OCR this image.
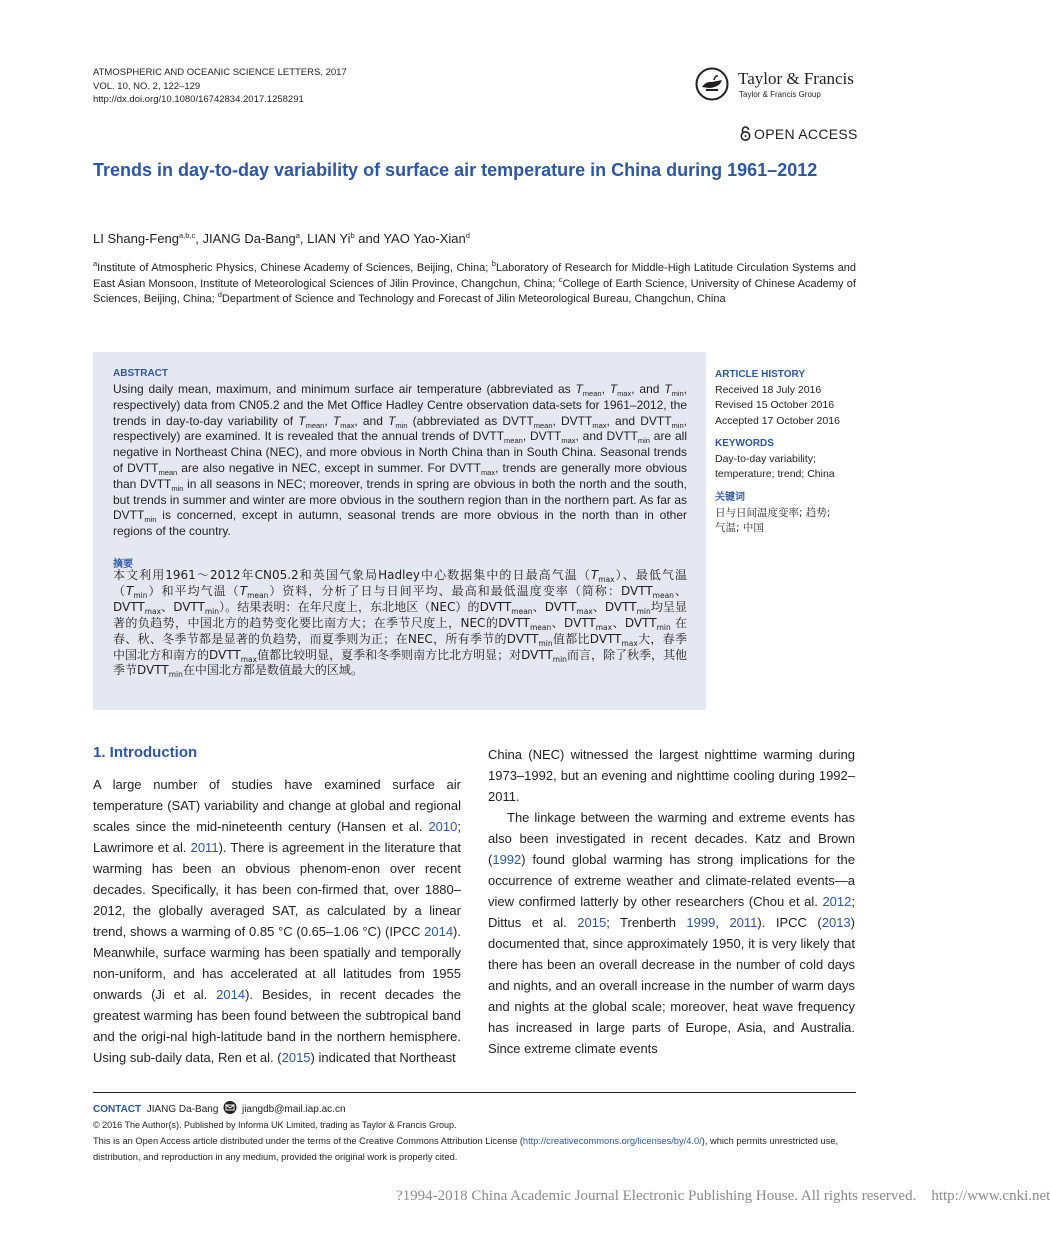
ATMOSPHERIC AND OCEANIC SCIENCE LETTERS, 2017
VOL. 10, NO. 2, 122–129
http://dx.doi.org/10.1080/16742834.2017.1258291
Taylor & Francis
Taylor & Francis Group
OPEN ACCESS
Trends in day-to-day variability of surface air temperature in China during 1961–2012
LI Shang-Feng$^{a,b,c}$, JIANG Da-Bang$^a$, LIAN Yi$^b$ and YAO Yao-Xian$^d$
$^a$Institute of Atmospheric Physics, Chinese Academy of Sciences, Beijing, China; $^b$Laboratory of Research for Middle-High Latitude Circulation Systems and East Asian Monsoon, Institute of Meteorological Sciences of Jilin Province, Changchun, China; $^c$College of Earth Science, University of Chinese Academy of Sciences, Beijing, China; $^d$Department of Science and Technology and Forecast of Jilin Meteorological Bureau, Changchun, China
ABSTRACT
Using daily mean, maximum, and minimum surface air temperature (abbreviated as $T_{mean}$, $T_{max}$, and $T_{min}$, respectively) data from CN05.2 and the Met Office Hadley Centre observation data-sets for 1961–2012, the trends in day-to-day variability of $T_{mean}$, $T_{max}$, and $T_{min}$ (abbreviated as $DVTT_{mean}$, $DVTT_{max}$, and $DVTT_{min}$, respectively) are examined. It is revealed that the annual trends of $DVTT_{mean}$, $DVTT_{max}$, and $DVTT_{min}$ are all negative in Northeast China (NEC), and more obvious in North China than in South China. Seasonal trends of $DVTT_{mean}$ are also negative in NEC, except in summer. For $DVTT_{max}$, trends are generally more obvious than $DVTT_{min}$ in all seasons in NEC; moreover, trends in spring are obvious in both the north and the south, but trends in summer and winter are more obvious in the southern region than in the northern part. As far as $DVTT_{min}$ is concerned, except in autumn, seasonal trends are more obvious in the north than in other regions of the country.
摘要
本文利用1961～2012年CN05.2和英国气象局Hadley中心数据集中的日最高气温$(T_{max})$、最低气温$(T_{min})$和平均气温$(T_{mean})$资料，分析了日与日间平均、最高和最低温度变率（简称：$DVTT_{mean}$、$DVTT_{max}$、$DVTT_{min}$）。结果表明：在年尺度上，东北地区（NEC）的$DVTT_{mean}$、$DVTT_{max}$、$DVTT_{min}$均呈显著的负趋势，中国北方的趋势变化要比南方大；在季节尺度上，NEC的$DVTT_{mean}$、$DVTT_{max}$、$DVTT_{min}$ 在春、秋、冬季节都是显著的负趋势，而夏季则为正；在NEC，所有季节的$DVTT_{min}$值都比$DVTT_{max}$大，春季中国北方和南方的$DVTT_{max}$值都比较明显，夏季和冬季则南方比北方明显；对$DVTT_{min}$而言，除了秋季，其他季节$DVTT_{min}$在中国北方都是数值最大的区域。
ARTICLE HISTORY
Received 18 July 2016
Revised 15 October 2016
Accepted 17 October 2016
KEYWORDS
Day-to-day variability;
temperature; trend; China
关键词
日与日间温度变率; 趋势;
气温; 中国
1. Introduction

A large number of studies have examined surface air temperature (SAT) variability and change at global and regional scales since the mid-nineteenth century (Hansen et al. 2010; Lawrimore et al. 2011). There is agreement in the literature that warming has been an obvious phenom-enon over recent decades. Specifically, it has been con-firmed that, over 1880–2012, the globally averaged SAT, as calculated by a linear trend, shows a warming of 0.85 °C (0.65–1.06 °C) (IPCC 2014). Meanwhile, surface warming has been spatially and temporally non-uniform, and has accelerated at all latitudes from 1955 onwards (Ji et al. 2014). Besides, in recent decades the greatest warming has been found between the subtropical band and the origi-nal high-latitude band in the northern hemisphere. Using sub-daily data, Ren et al. (2015) indicated that Northeast

China (NEC) witnessed the largest nighttime warming during 1973–1992, but an evening and nighttime cooling during 1992–2011.

The linkage between the warming and extreme events has also been investigated in recent decades. Katz and Brown (1992) found global warming has strong implications for the occurrence of extreme weather and climate-related events—a view confirmed latterly by other researchers (Chou et al. 2012; Dittus et al. 2015; Trenberth 1999, 2011). IPCC (2013) documented that, since approximately 1950, it is very likely that there has been an overall decrease in the number of cold days and nights, and an overall increase in the number of warm days and nights at the global scale; moreover, heat wave frequency has increased in large parts of Europe, Asia, and Australia. Since extreme climate events

CONTACT JIANG Da-Bang jiangdb@mail.iap.ac.cn
© 2016 The Author(s). Published by Informa UK Limited, trading as Taylor & Francis Group.
This is an Open Access article distributed under the terms of the Creative Commons Attribution License (http://creativecommons.org/licenses/by/4.0/), which permits unrestricted use, distribution, and reproduction in any medium, provided the original work is properly cited.
?1994-2018 China Academic Journal Electronic Publishing House. All rights reserved.    http://www.cnki.net
